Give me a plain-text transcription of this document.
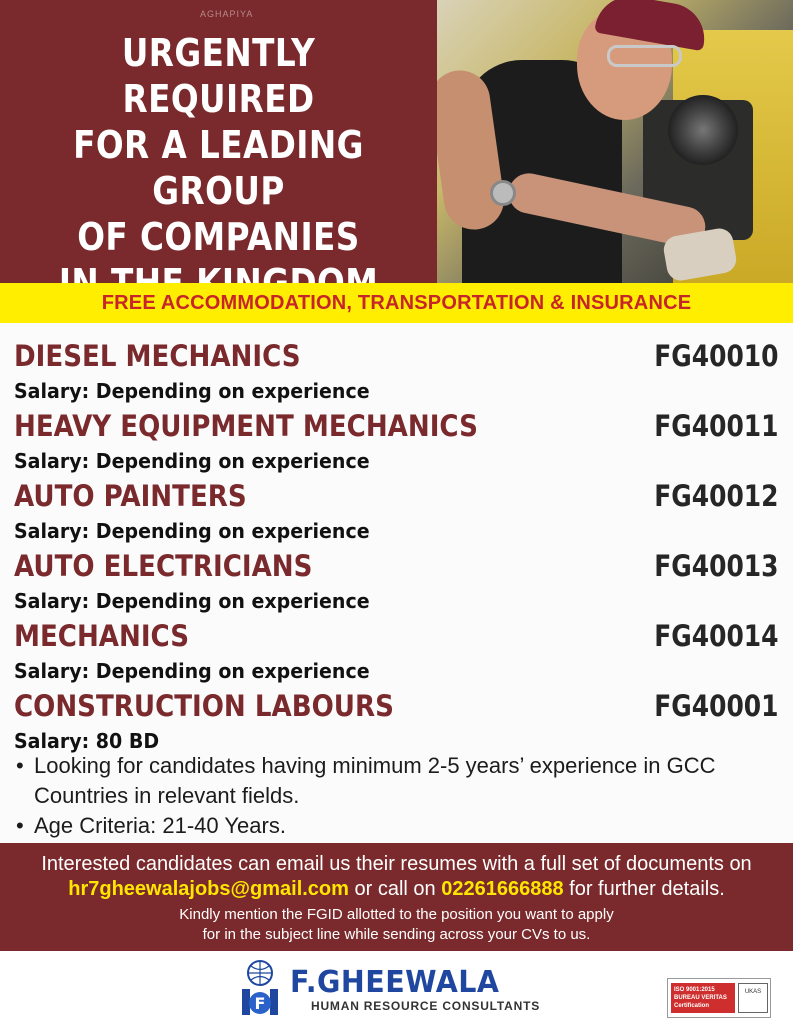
AGHAPIYA
URGENTLY REQUIRED
FOR A LEADING GROUP
OF COMPANIES

FREE ACCOMMODATION, TRANSPORTATION & INSURANCE
DIESEL MECHANICS	FG40010
Salary: Depending on experience
HEAVY EQUIPMENT MECHANICS	FG40011
Salary: Depending on experience
AUTO PAINTERS	FG40012
Salary: Depending on experience
AUTO ELECTRICIANS	FG40013
Salary: Depending on experience
MECHANICS	FG40014
Salary: Depending on experience
CONSTRUCTION LABOURS	FG40001
Salary: 80 BD
• Looking for candidates having minimum 2-5 years’ experience in GCC Countries in relevant fields.
• Age Criteria: 21-40 Years.
Interested candidates can email us their resumes with a full set of documents on
hr7gheewalajobs@gmail.com or call on 02261666888 for further details.
Kindly mention the FGID allotted to the position you want to apply
for in the subject line while sending across your CVs to us.
F
F.GHEEWALA
HUMAN RESOURCE CONSULTANTS
ISO 9001:2015 BUREAU VERITAS Certification
UKAS
